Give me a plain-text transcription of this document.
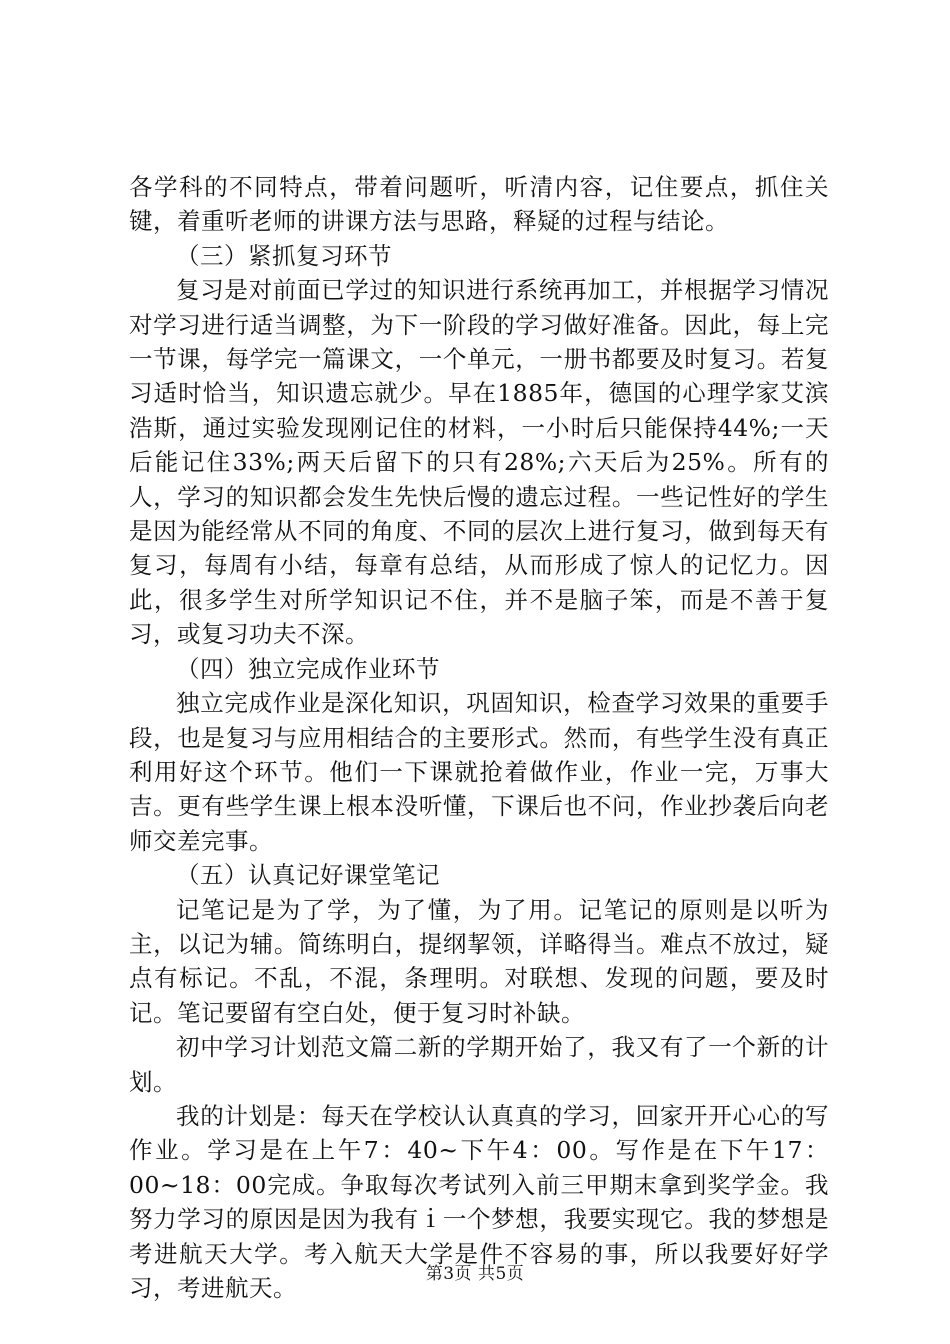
各学科的不同特点，带着问题听，听清内容，记住要点，抓住关键，着重听老师的讲课方法与思路，释疑的过程与结论。

（三）紧抓复习环节

复习是对前面已学过的知识进行系统再加工，并根据学习情况对学习进行适当调整，为下一阶段的学习做好准备。因此，每上完一节课，每学完一篇课文，一个单元，一册书都要及时复习。若复习适时恰当，知识遗忘就少。早在1885年，德国的心理学家艾滨浩斯，通过实验发现刚记住的材料，一小时后只能保持44%;一天后能记住33%;两天后留下的只有28%;六天后为25%。所有的人，学习的知识都会发生先快后慢的遗忘过程。一些记性好的学生是因为能经常从不同的角度、不同的层次上进行复习，做到每天有复习，每周有小结，每章有总结，从而形成了惊人的记忆力。因此，很多学生对所学知识记不住，并不是脑子笨，而是不善于复习，或复习功夫不深。

（四）独立完成作业环节

独立完成作业是深化知识，巩固知识，检查学习效果的重要手段，也是复习与应用相结合的主要形式。然而，有些学生没有真正利用好这个环节。他们一下课就抢着做作业，作业一完，万事大吉。更有些学生课上根本没听懂，下课后也不问，作业抄袭后向老师交差完事。

（五）认真记好课堂笔记

记笔记是为了学，为了懂，为了用。记笔记的原则是以听为主，以记为辅。简练明白，提纲挈领，详略得当。难点不放过，疑点有标记。不乱，不混，条理明。对联想、发现的问题，要及时记。笔记要留有空白处，便于复习时补缺。

初中学习计划范文篇二新的学期开始了，我又有了一个新的计划。

我的计划是：每天在学校认认真真的学习，回家开开心心的写作业。学习是在上午7：40~下午4：00。写作是在下午17：00~18：00完成。争取每次考试列入前三甲期末拿到奖学金。我努力学习的原因是因为我有ｉ一个梦想，我要实现它。我的梦想是考进航天大学。考入航天大学是件不容易的事，所以我要好好学习，考进航天。	第3页 共5页
